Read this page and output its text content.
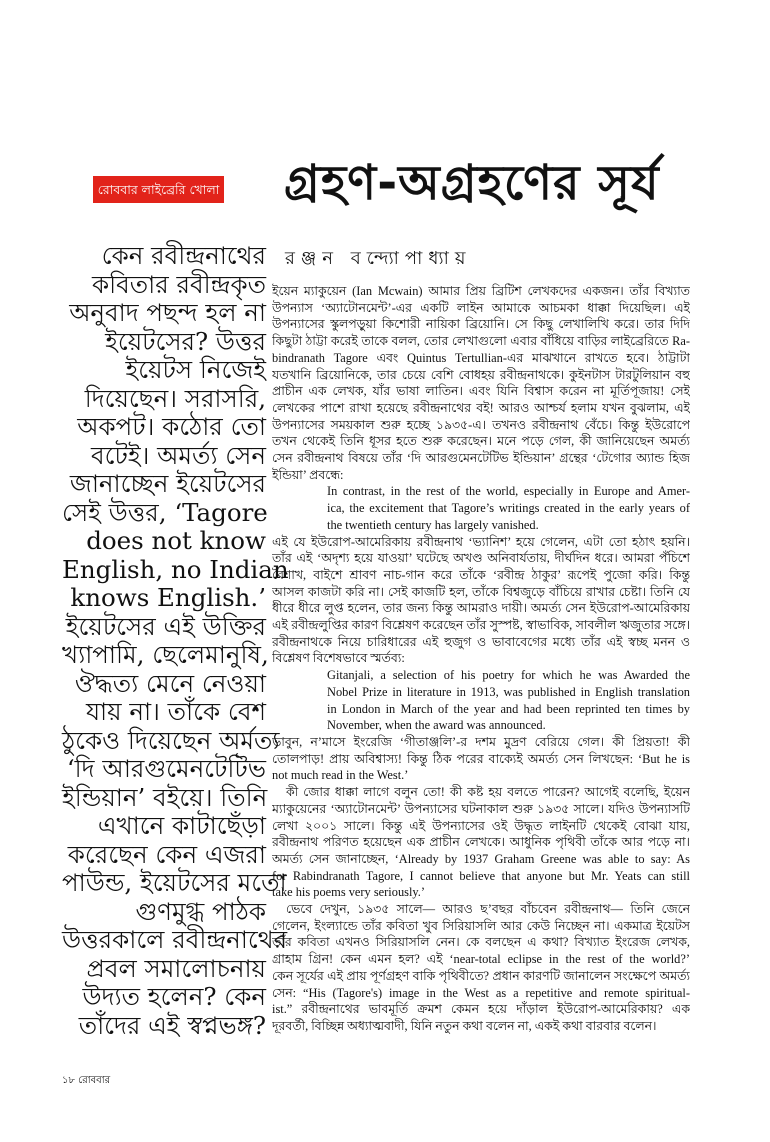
রোববার লাইব্রেরি খোলা গ্রহণ-অগ্রহণের সূর্য
রঞ্জন বন্দ্যোপাধ্যায়
কেন রবীন্দ্রনাথের
কবিতার রবীন্দ্রকৃত
অনুবাদ পছন্দ হল না
ইয়েটসের? উত্তর
ইয়েটস নিজেই
দিয়েছেন। সরাসরি,
অকপট। কঠোর তো
বটেই। অমর্ত্য সেন
জানাচ্ছেন ইয়েটসের
সেই উত্তর, ‘Tagore
does not know
English, no Indian
knows English.’
ইয়েটসের এই উক্তির
খ্যাপামি, ছেলেমানুষি,
ঔদ্ধত্য মেনে নেওয়া
যায় না। তাঁকে বেশ
ঠুকেও দিয়েছেন অর্মত্য
‘দি আরগুমেনটেটিভ
ইন্ডিয়ান’ বইয়ে। তিনি
এখানে কাটাছেঁড়া
করেছেন কেন এজরা
পাউন্ড, ইয়েটসের মতো
গুণমুগ্ধ পাঠক
উত্তরকালে রবীন্দ্রনাথের
প্রবল সমালোচনায়
উদ্যত হলেন? কেন
তাঁদের এই স্বপ্নভঙ্গ?
ইয়েন ম্যাকুয়েন (Ian Mcwain) আমার প্রিয় ব্রিটিশ লেখকদের একজন। তাঁর বিখ্যাত
উপন্যাস ‘অ্যাটোনমেন্ট’-এর একটি লাইন আমাকে আচমকা ধাক্কা দিয়েছিল। এই
উপন্যাসের স্কুলপড়ুয়া কিশোরী নায়িকা ব্রিয়োনি। সে কিছু লেখালিখি করে। তার দিদি
কিছুটা ঠাট্টা করেই তাকে বলল, তোর লেখাগুলো এবার বাঁধিয়ে বাড়ির লাইব্রেরিতে Ra-
bindranath Tagore এবং Quintus Tertullian-এর মাঝখানে রাখতে হবে। ঠাট্টাটা
যতখানি ব্রিয়োনিকে, তার চেয়ে বেশি বোধহয় রবীন্দ্রনাথকে। কুইনটাস টারটুলিয়ান বহু
প্রাচীন এক লেখক, যাঁর ভাষা লাতিন। এবং যিনি বিশ্বাস করেন না মূর্তিপূজায়! সেই
লেখকের পাশে রাখা হয়েছে রবীন্দ্রনাথের বই! আরও আশ্চর্য হলাম যখন বুঝলাম, এই
উপন্যাসের সময়কাল শুরু হচ্ছে ১৯৩৫-এ। তখনও রবীন্দ্রনাথ বেঁচে। কিন্তু ইউরোপে
তখন থেকেই তিনি ধূসর হতে শুরু করেছেন। মনে পড়ে গেল, কী জানিয়েছেন অমর্ত্য
সেন রবীন্দ্রনাথ বিষয়ে তাঁর ‘দি আরগুমেনটেটিভ ইন্ডিয়ান’ গ্রন্থের ‘টেগোর অ্যান্ড হিজ
ইন্ডিয়া’ প্রবন্ধে:
In contrast, in the rest of the world, especially in Europe and Amer-
ica, the excitement that Tagore’s writings created in the early years of
the twentieth century has largely vanished.
এই যে ইউরোপ-আমেরিকায় রবীন্দ্রনাথ ‘ভ্যানিশ’ হয়ে গেলেন, এটা তো হঠাৎ হয়নি।
তাঁর এই ‘অদৃশ্য হয়ে যাওয়া’ ঘটেছে অখণ্ড অনিবার্যতায়, দীর্ঘদিন ধরে। আমরা পঁচিশে
বৈশাখ, বাইশে শ্রাবণ নাচ-গান করে তাঁকে ‘রবীন্দ্র ঠাকুর’ রূপেই পুজো করি। কিন্তু
আসল কাজটা করি না। সেই কাজটি হল, তাঁকে বিশ্বজুড়ে বাঁচিয়ে রাখার চেষ্টা। তিনি যে
ধীরে ধীরে লুপ্ত হলেন, তার জন্য কিন্তু আমরাও দায়ী। অমর্ত্য সেন ইউরোপ-আমেরিকায়
এই রবীন্দ্রলুপ্তির কারণ বিশ্লেষণ করেছেন তাঁর সুস্পষ্ট, স্বাভাবিক, সাবলীল ঋজুতার সঙ্গে।
রবীন্দ্রনাথকে নিয়ে চারিধারের এই হুজুগ ও ভাবাবেগের মধ্যে তাঁর এই স্বচ্ছ মনন ও
বিশ্লেষণ বিশেষভাবে স্মর্তব্য:
Gitanjali, a selection of his poetry for which he was Awarded the
Nobel Prize in literature in 1913, was published in English translation
in London in March of the year and had been reprinted ten times by
November, when the award was announced.
ভাবুন, ন’মাসে ইংরেজি ‘গীতাঞ্জলি’-র দশম মুদ্রণ বেরিয়ে গেল। কী প্রিয়তা! কী
তোলপাড়! প্রায় অবিশ্বাস্য! কিন্তু ঠিক পরের বাক্যেই অমর্ত্য সেন লিখছেন: ‘But he is
not much read in the West.’
কী জোর ধাক্কা লাগে বলুন তো! কী কষ্ট হয় বলতে পারেন? আগেই বলেছি, ইয়েন
ম্যাকুয়েনের ‘অ্যাটোনমেন্ট’ উপন্যাসের ঘটনাকাল শুরু ১৯৩৫ সালে। যদিও উপন্যাসটি
লেখা ২০০১ সালে। কিন্তু এই উপন্যাসের ওই উদ্ধৃত লাইনটি থেকেই বোঝা যায়,
রবীন্দ্রনাথ পরিণত হয়েছেন এক প্রাচীন লেখকে। আধুনিক পৃথিবী তাঁকে আর পড়ে না।
অমর্ত্য সেন জানাচ্ছেন, ‘Already by 1937 Graham Greene was able to say: As
for Rabindranath Tagore, I cannot believe that anyone but Mr. Yeats can still
take his poems very seriously.’
ভেবে দেখুন, ১৯৩৫ সালে— আরও ছ’বছর বাঁচবেন রবীন্দ্রনাথ— তিনি জেনে
গেলেন, ইংল্যান্ডে তাঁর কবিতা খুব সিরিয়াসলি আর কেউ নিচ্ছেন না। একমাত্র ইয়েটস
তাঁর কবিতা এখনও সিরিয়াসলি নেন। কে বলছেন এ কথা? বিখ্যাত ইংরেজ লেখক,
গ্রাহাম গ্রিন! কেন এমন হল? এই ‘near-total eclipse in the rest of the world?’
কেন সূর্যের এই প্রায় পূর্ণগ্রহণ বাকি পৃথিবীতে? প্রধান কারণটি জানালেন সংক্ষেপে অমর্ত্য
সেন: “His (Tagore's) image in the West as a repetitive and remote spiritual-
ist.” রবীন্দ্রনাথের ভাবমূর্তি ক্রমশ কেমন হয়ে দাঁড়াল ইউরোপ-আমেরিকায়? এক
দূরবর্তী, বিচ্ছিন্ন অধ্যাত্মবাদী, যিনি নতুন কথা বলেন না, একই কথা বারবার বলেন।
১৮ রোববার
